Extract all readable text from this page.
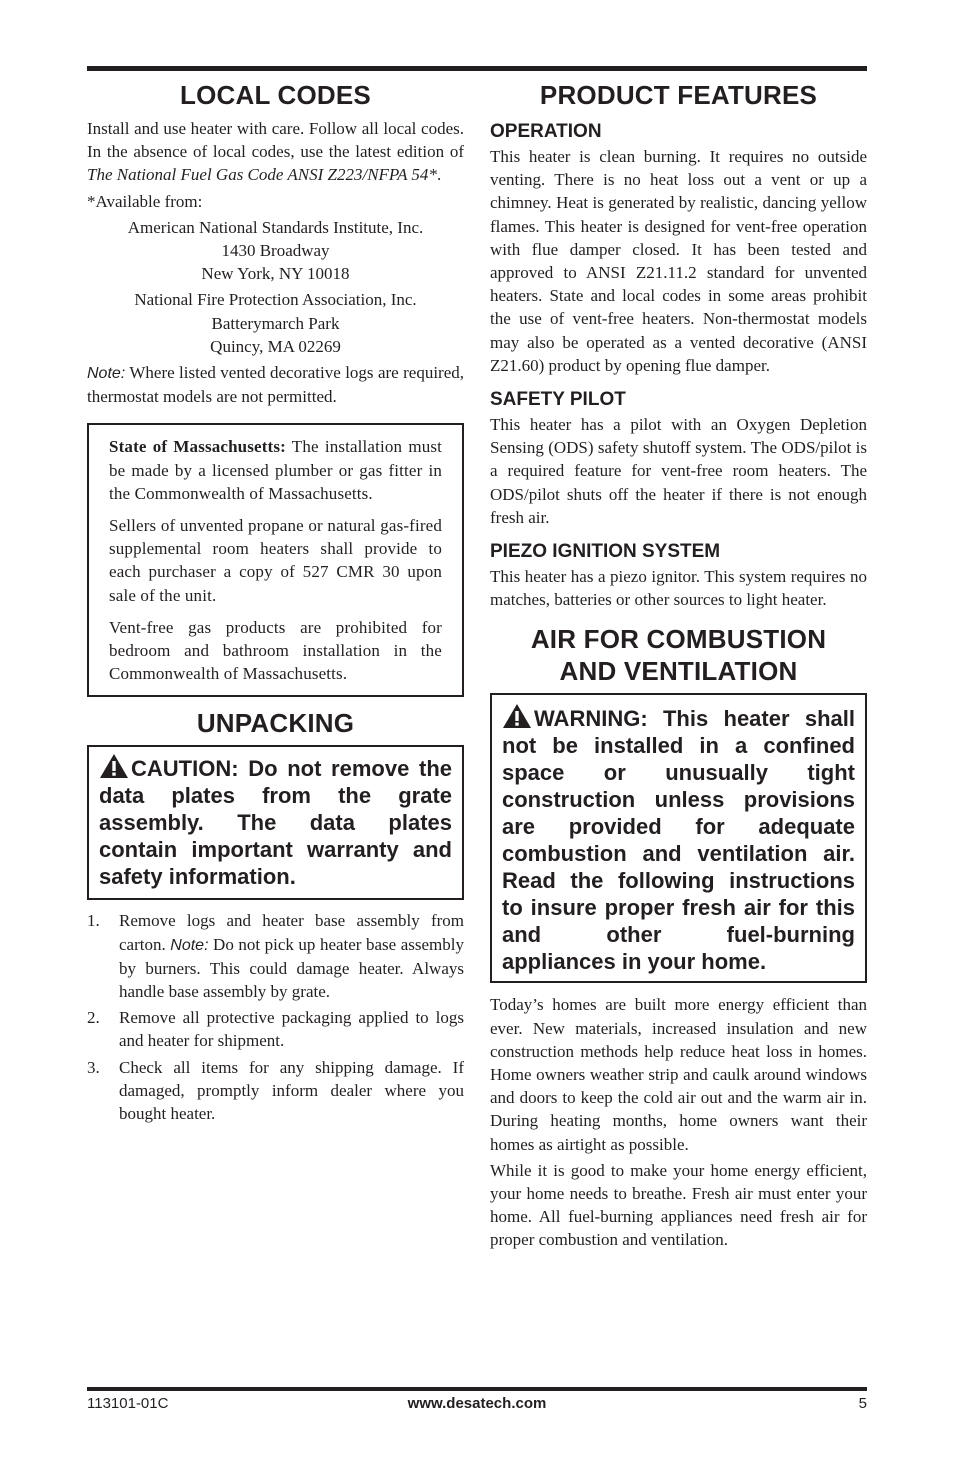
LOCAL CODES

Install and use heater with care. Follow all local codes. In the absence of local codes, use the latest edition of The National Fuel Gas Code ANSI Z223/NFPA 54*.

*Available from:

American National Standards Institute, Inc.

1430 Broadway

New York, NY 10018

National Fire Protection Association, Inc.

Batterymarch Park

Quincy, MA 02269

Note: Where listed vented decorative logs are required, thermostat models are not permitted.

State of Massachusetts: The installation must be made by a licensed plumber or gas fitter in the Commonwealth of Massachusetts.

Sellers of unvented propane or natural gas-fired supplemental room heaters shall provide to each purchaser a copy of 527 CMR 30 upon sale of the unit.

Vent-free gas products are prohibited for bedroom and bathroom installation in the Commonwealth of Massachusetts.

UNPACKING
CAUTION: Do not remove the data plates from the grate assembly. The data plates contain important warranty and safety information.
1. Remove logs and heater base assembly from carton. Note: Do not pick up heater base assembly by burners. This could damage heater. Always handle base assembly by grate.
2. Remove all protective packaging applied to logs and heater for shipment.
3. Check all items for any shipping damage. If damaged, promptly inform dealer where you bought heater.
PRODUCT FEATURES
OPERATION

This heater is clean burning. It requires no outside venting. There is no heat loss out a vent or up a chimney. Heat is generated by realistic, dancing yellow flames. This heater is designed for vent-free operation with flue damper closed. It has been tested and approved to ANSI Z21.11.2 standard for unvented heaters. State and local codes in some areas prohibit the use of vent-free heaters. Non-thermostat models may also be operated as a vented decorative (ANSI Z21.60) product by opening flue damper.

SAFETY PILOT

This heater has a pilot with an Oxygen Depletion Sensing (ODS) safety shutoff system. The ODS/pilot is a required feature for vent-free room heaters. The ODS/pilot shuts off the heater if there is not enough fresh air.

PIEZO IGNITION SYSTEM

This heater has a piezo ignitor. This system requires no matches, batteries or other sources to light heater.

AIR FOR COMBUSTION
AND VENTILATION
WARNING: This heater shall not be installed in a confined space or unusually tight construction unless provisions are provided for adequate combustion and ventilation air. Read the following instructions to insure proper fresh air for this and other fuel-burning appliances in your home.

Today’s homes are built more energy efficient than ever. New materials, increased insulation and new construction methods help reduce heat loss in homes. Home owners weather strip and caulk around windows and doors to keep the cold air out and the warm air in. During heating months, home owners want their homes as airtight as possible.

While it is good to make your home energy efficient, your home needs to breathe. Fresh air must enter your home. All fuel-burning appliances need fresh air for proper combustion and ventilation.

113101-01C	www.desatech.com	5
